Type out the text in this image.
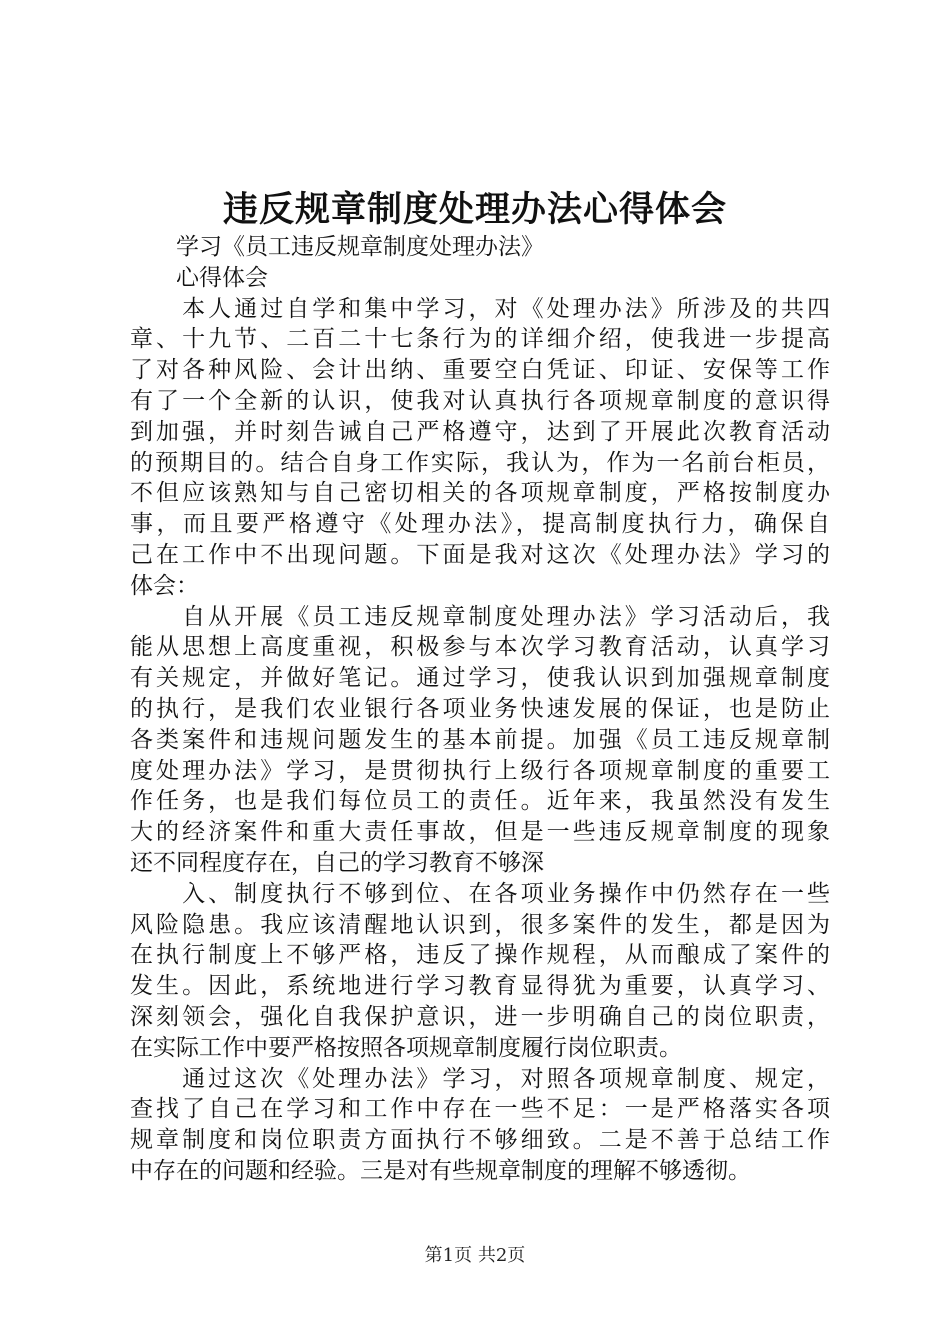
违反规章制度处理办法心得体会
　　学习《员工违反规章制度处理办法》
　　心得体会
　　本人通过自学和集中学习，对《处理办法》所涉及的共四
章、十九节、二百二十七条行为的详细介绍，使我进一步提高
了对各种风险、会计出纳、重要空白凭证、印证、安保等工作
有了一个全新的认识，使我对认真执行各项规章制度的意识得
到加强，并时刻告诫自己严格遵守，达到了开展此次教育活动
的预期目的。结合自身工作实际，我认为，作为一名前台柜员，
不但应该熟知与自己密切相关的各项规章制度，严格按制度办
事，而且要严格遵守《处理办法》，提高制度执行力，确保自
己在工作中不出现问题。下面是我对这次《处理办法》学习的
体会：
　　自从开展《员工违反规章制度处理办法》学习活动后，我
能从思想上高度重视，积极参与本次学习教育活动，认真学习
有关规定，并做好笔记。通过学习，使我认识到加强规章制度
的执行，是我们农业银行各项业务快速发展的保证，也是防止
各类案件和违规问题发生的基本前提。加强《员工违反规章制
度处理办法》学习，是贯彻执行上级行各项规章制度的重要工
作任务，也是我们每位员工的责任。近年来，我虽然没有发生
大的经济案件和重大责任事故，但是一些违反规章制度的现象
还不同程度存在，自己的学习教育不够深
　　入、制度执行不够到位、在各项业务操作中仍然存在一些
风险隐患。我应该清醒地认识到，很多案件的发生，都是因为
在执行制度上不够严格，违反了操作规程，从而酿成了案件的
发生。因此，系统地进行学习教育显得犹为重要，认真学习、
深刻领会，强化自我保护意识，进一步明确自己的岗位职责，
在实际工作中要严格按照各项规章制度履行岗位职责。
　　通过这次《处理办法》学习，对照各项规章制度、规定，
查找了自己在学习和工作中存在一些不足：一是严格落实各项
规章制度和岗位职责方面执行不够细致。二是不善于总结工作
中存在的问题和经验。三是对有些规章制度的理解不够透彻。
第1页 共2页
